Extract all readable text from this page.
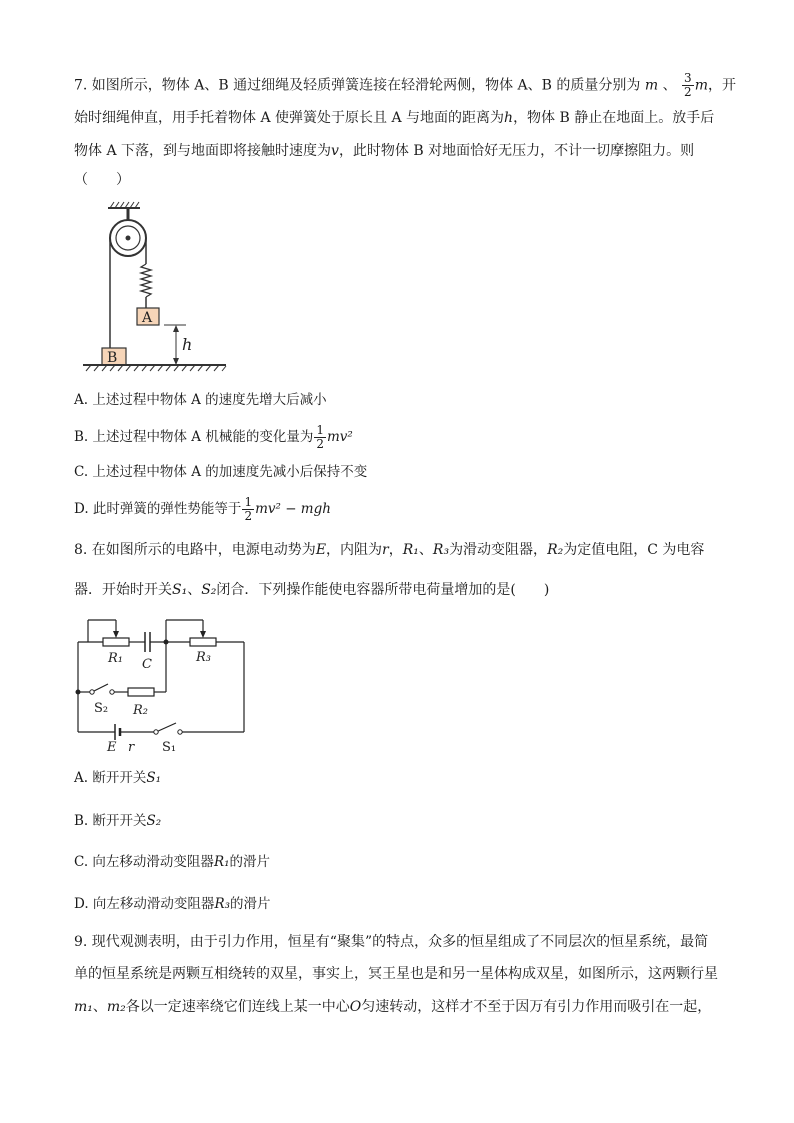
7. 如图所示，物体 A、B 通过细绳及轻质弹簧连接在轻滑轮两侧，物体 A、B 的质量分别为 m 、 $\frac{3}{2}$ m，开
始时细绳伸直，用手托着物体 A 使弹簧处于原长且 A 与地面的距离为h，物体 B 静止在地面上。放手后
物体 A 下落，到与地面即将接触时速度为v，此时物体 B 对地面恰好无压力，不计一切摩擦阻力。则
（　　）
A
B
h
A. 上述过程中物体 A 的速度先增大后减小
B. 上述过程中物体 A 机械能的变化量为 $\frac{1}{2} mv^2$
C. 上述过程中物体 A 的加速度先减小后保持不变
D. 此时弹簧的弹性势能等于 $\frac{1}{2} mv^2$ − mgh
8. 在如图所示的电路中，电源电动势为E，内阻为r，R₁、R₃为滑动变阻器，R₂为定值电阻，C 为电容
器．开始时开关S₁、S₂闭合．下列操作能使电容器所带电荷量增加的是(　　)
R₁ C	R₃
R₂
E r
S₂
S₁
A. 断开开关S₁
B. 断开开关S₂
C. 向左移动滑动变阻器R₁的滑片
D. 向左移动滑动变阻器R₃的滑片
9. 现代观测表明，由于引力作用，恒星有“聚集”的特点，众多的恒星组成了不同层次的恒星系统，最简
单的恒星系统是两颗互相绕转的双星，事实上，冥王星也是和另一星体构成双星，如图所示，这两颗行星
m₁、m₂各以一定速率绕它们连线上某一中心O匀速转动，这样才不至于因万有引力作用而吸引在一起，
